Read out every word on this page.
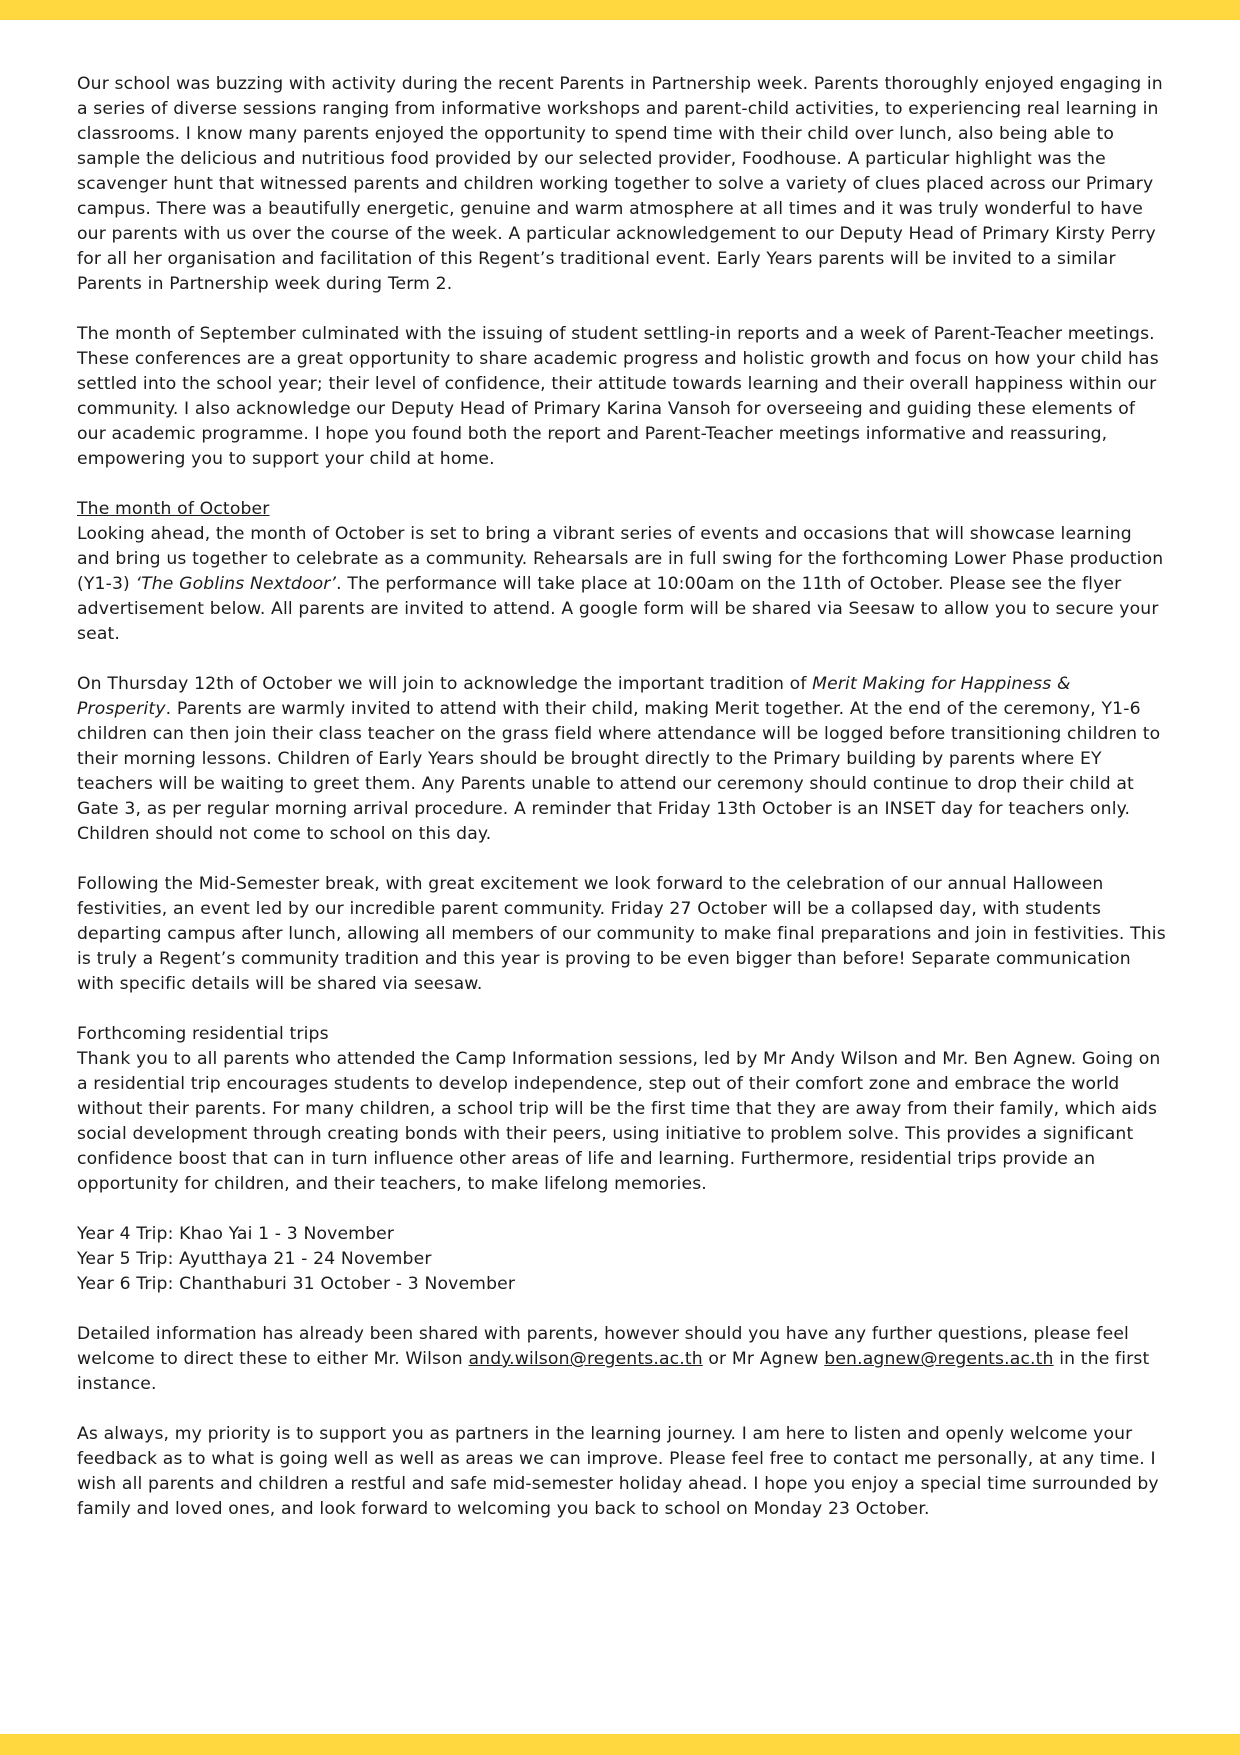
Our school was buzzing with activity during the recent Parents in Partnership week. Parents thoroughly enjoyed engaging in a series of diverse sessions ranging from informative workshops and parent-child activities, to experiencing real learning in classrooms. I know many parents enjoyed the opportunity to spend time with their child over lunch, also being able to sample the delicious and nutritious food provided by our selected provider, Foodhouse. A particular highlight was the scavenger hunt that witnessed parents and children working together to solve a variety of clues placed across our Primary campus. There was a beautifully energetic, genuine and warm atmosphere at all times and it was truly wonderful to have our parents with us over the course of the week. A particular acknowledgement to our Deputy Head of Primary Kirsty Perry for all her organisation and facilitation of this Regent’s traditional event. Early Years parents will be invited to a similar Parents in Partnership week during Term 2.

The month of September culminated with the issuing of student settling-in reports and a week of Parent-Teacher meetings. These conferences are a great opportunity to share academic progress and holistic growth and focus on how your child has settled into the school year; their level of confidence, their attitude towards learning and their overall happiness within our community. I also acknowledge our Deputy Head of Primary Karina Vansoh for overseeing and guiding these elements of our academic programme. I hope you found both the report and Parent-Teacher meetings informative and reassuring, empowering you to support your child at home.

The month of October

Looking ahead, the month of October is set to bring a vibrant series of events and occasions that will showcase learning and bring us together to celebrate as a community. Rehearsals are in full swing for the forthcoming Lower Phase production (Y1-3) ‘The Goblins Nextdoor’. The performance will take place at 10:00am on the 11th of October. Please see the flyer advertisement below. All parents are invited to attend. A google form will be shared via Seesaw to allow you to secure your seat.

On Thursday 12th of October we will join to acknowledge the important tradition of Merit Making for Happiness & Prosperity. Parents are warmly invited to attend with their child, making Merit together. At the end of the ceremony, Y1-6 children can then join their class teacher on the grass field where attendance will be logged before transitioning children to their morning lessons. Children of Early Years should be brought directly to the Primary building by parents where EY teachers will be waiting to greet them. Any Parents unable to attend our ceremony should continue to drop their child at Gate 3, as per regular morning arrival procedure. A reminder that Friday 13th October is an INSET day for teachers only. Children should not come to school on this day.

Following the Mid-Semester break, with great excitement we look forward to the celebration of our annual Halloween festivities, an event led by our incredible parent community. Friday 27 October will be a collapsed day, with students departing campus after lunch, allowing all members of our community to make final preparations and join in festivities. This is truly a Regent’s community tradition and this year is proving to be even bigger than before! Separate communication with specific details will be shared via seesaw.

Forthcoming residential trips

Thank you to all parents who attended the Camp Information sessions, led by Mr Andy Wilson and Mr. Ben Agnew. Going on a residential trip encourages students to develop independence, step out of their comfort zone and embrace the world without their parents. For many children, a school trip will be the first time that they are away from their family, which aids social development through creating bonds with their peers, using initiative to problem solve. This provides a significant confidence boost that can in turn influence other areas of life and learning. Furthermore, residential trips provide an opportunity for children, and their teachers, to make lifelong memories.

Year 4 Trip: Khao Yai 1 - 3 November
Year 5 Trip: Ayutthaya 21 - 24 November
Year 6 Trip: Chanthaburi 31 October - 3 November

Detailed information has already been shared with parents, however should you have any further questions, please feel welcome to direct these to either Mr. Wilson andy.wilson@regents.ac.th or Mr Agnew ben.agnew@regents.ac.th in the first instance.

As always, my priority is to support you as partners in the learning journey. I am here to listen and openly welcome your feedback as to what is going well as well as areas we can improve. Please feel free to contact me personally, at any time. I wish all parents and children a restful and safe mid-semester holiday ahead. I hope you enjoy a special time surrounded by family and loved ones, and look forward to welcoming you back to school on Monday 23 October.
